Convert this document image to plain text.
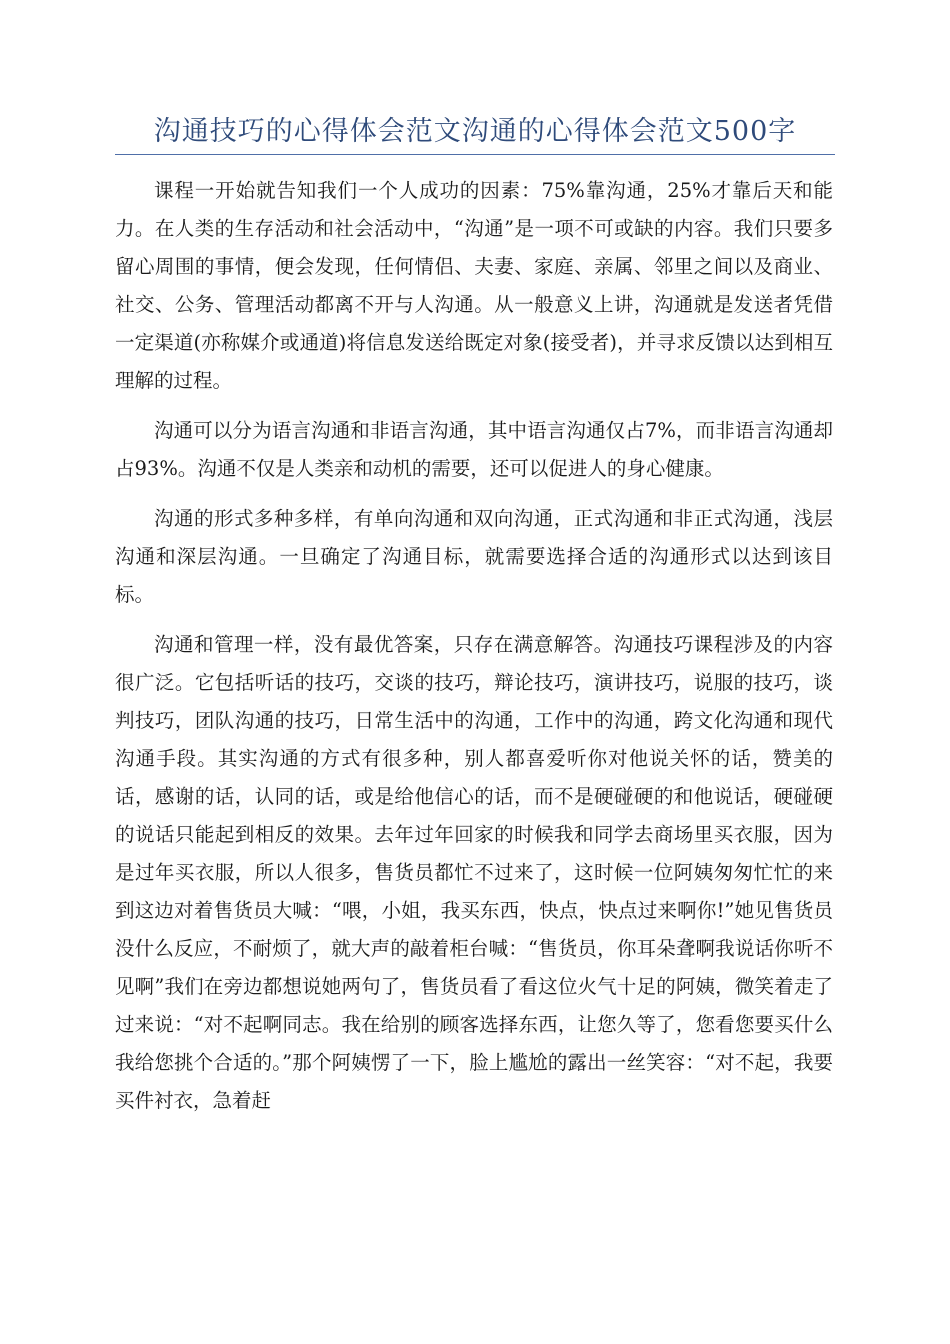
沟通技巧的心得体会范文沟通的心得体会范文500字

课程一开始就告知我们一个人成功的因素：75%靠沟通，25%才靠后天和能力。在人类的生存活动和社会活动中，“沟通”是一项不可或缺的内容。我们只要多留心周围的事情，便会发现，任何情侣、夫妻、家庭、亲属、邻里之间以及商业、社交、公务、管理活动都离不开与人沟通。从一般意义上讲，沟通就是发送者凭借一定渠道(亦称媒介或通道)将信息发送给既定对象(接受者)，并寻求反馈以达到相互理解的过程。

沟通可以分为语言沟通和非语言沟通，其中语言沟通仅占7%，而非语言沟通却占93%。沟通不仅是人类亲和动机的需要，还可以促进人的身心健康。

沟通的形式多种多样，有单向沟通和双向沟通，正式沟通和非正式沟通，浅层沟通和深层沟通。一旦确定了沟通目标，就需要选择合适的沟通形式以达到该目标。

沟通和管理一样，没有最优答案，只存在满意解答。沟通技巧课程涉及的内容很广泛。它包括听话的技巧，交谈的技巧，辩论技巧，演讲技巧，说服的技巧，谈判技巧，团队沟通的技巧，日常生活中的沟通，工作中的沟通，跨文化沟通和现代沟通手段。其实沟通的方式有很多种，别人都喜爱听你对他说关怀的话，赞美的话，感谢的话，认同的话，或是给他信心的话，而不是硬碰硬的和他说话，硬碰硬的说话只能起到相反的效果。去年过年回家的时候我和同学去商场里买衣服，因为是过年买衣服，所以人很多，售货员都忙不过来了，这时候一位阿姨匆匆忙忙的来到这边对着售货员大喊：“喂，小姐，我买东西，快点，快点过来啊你!”她见售货员没什么反应，不耐烦了，就大声的敲着柜台喊：“售货员，你耳朵聋啊我说话你听不见啊”我们在旁边都想说她两句了，售货员看了看这位火气十足的阿姨，微笑着走了过来说：“对不起啊同志。我在给别的顾客选择东西，让您久等了，您看您要买什么我给您挑个合适的。”那个阿姨愣了一下，脸上尴尬的露出一丝笑容：“对不起，我要买件衬衣，急着赶
